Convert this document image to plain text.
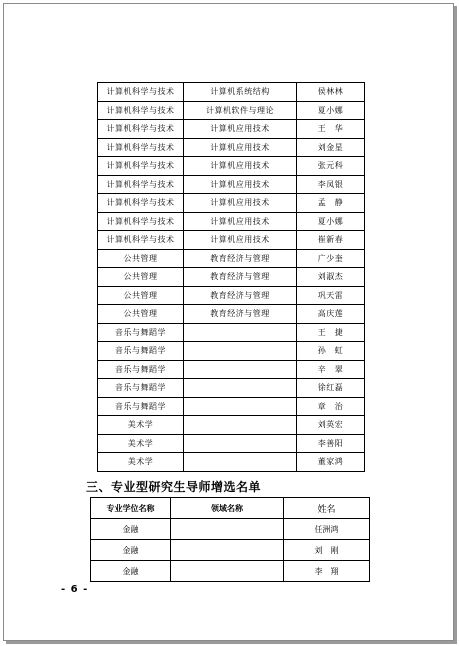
计算机科学与技术	计算机系统结构	侯林林
计算机科学与技术	计算机软件与理论	夏小娜
计算机科学与技术	计算机应用技术	王　华
计算机科学与技术	计算机应用技术	刘金星
计算机科学与技术	计算机应用技术	张元科
计算机科学与技术	计算机应用技术	李凤银
计算机科学与技术	计算机应用技术	孟　静
计算机科学与技术	计算机应用技术	夏小娜
计算机科学与技术	计算机应用技术	崔新春
公共管理	教育经济与管理	广少奎
公共管理	教育经济与管理	刘淑杰
公共管理	教育经济与管理	巩天雷
公共管理	教育经济与管理	高庆莲
音乐与舞蹈学		王　捷
音乐与舞蹈学		孙　虹
音乐与舞蹈学		辛　翠
音乐与舞蹈学		徐红磊
音乐与舞蹈学		章　治
美术学		刘英宏
美术学		李善阳
美术学		董家鸿
三、专业型研究生导师增选名单
专业学位名称	领域名称	姓名
金融		任洲鸿
金融		刘　刚
金融		李　翔
- 6 -
